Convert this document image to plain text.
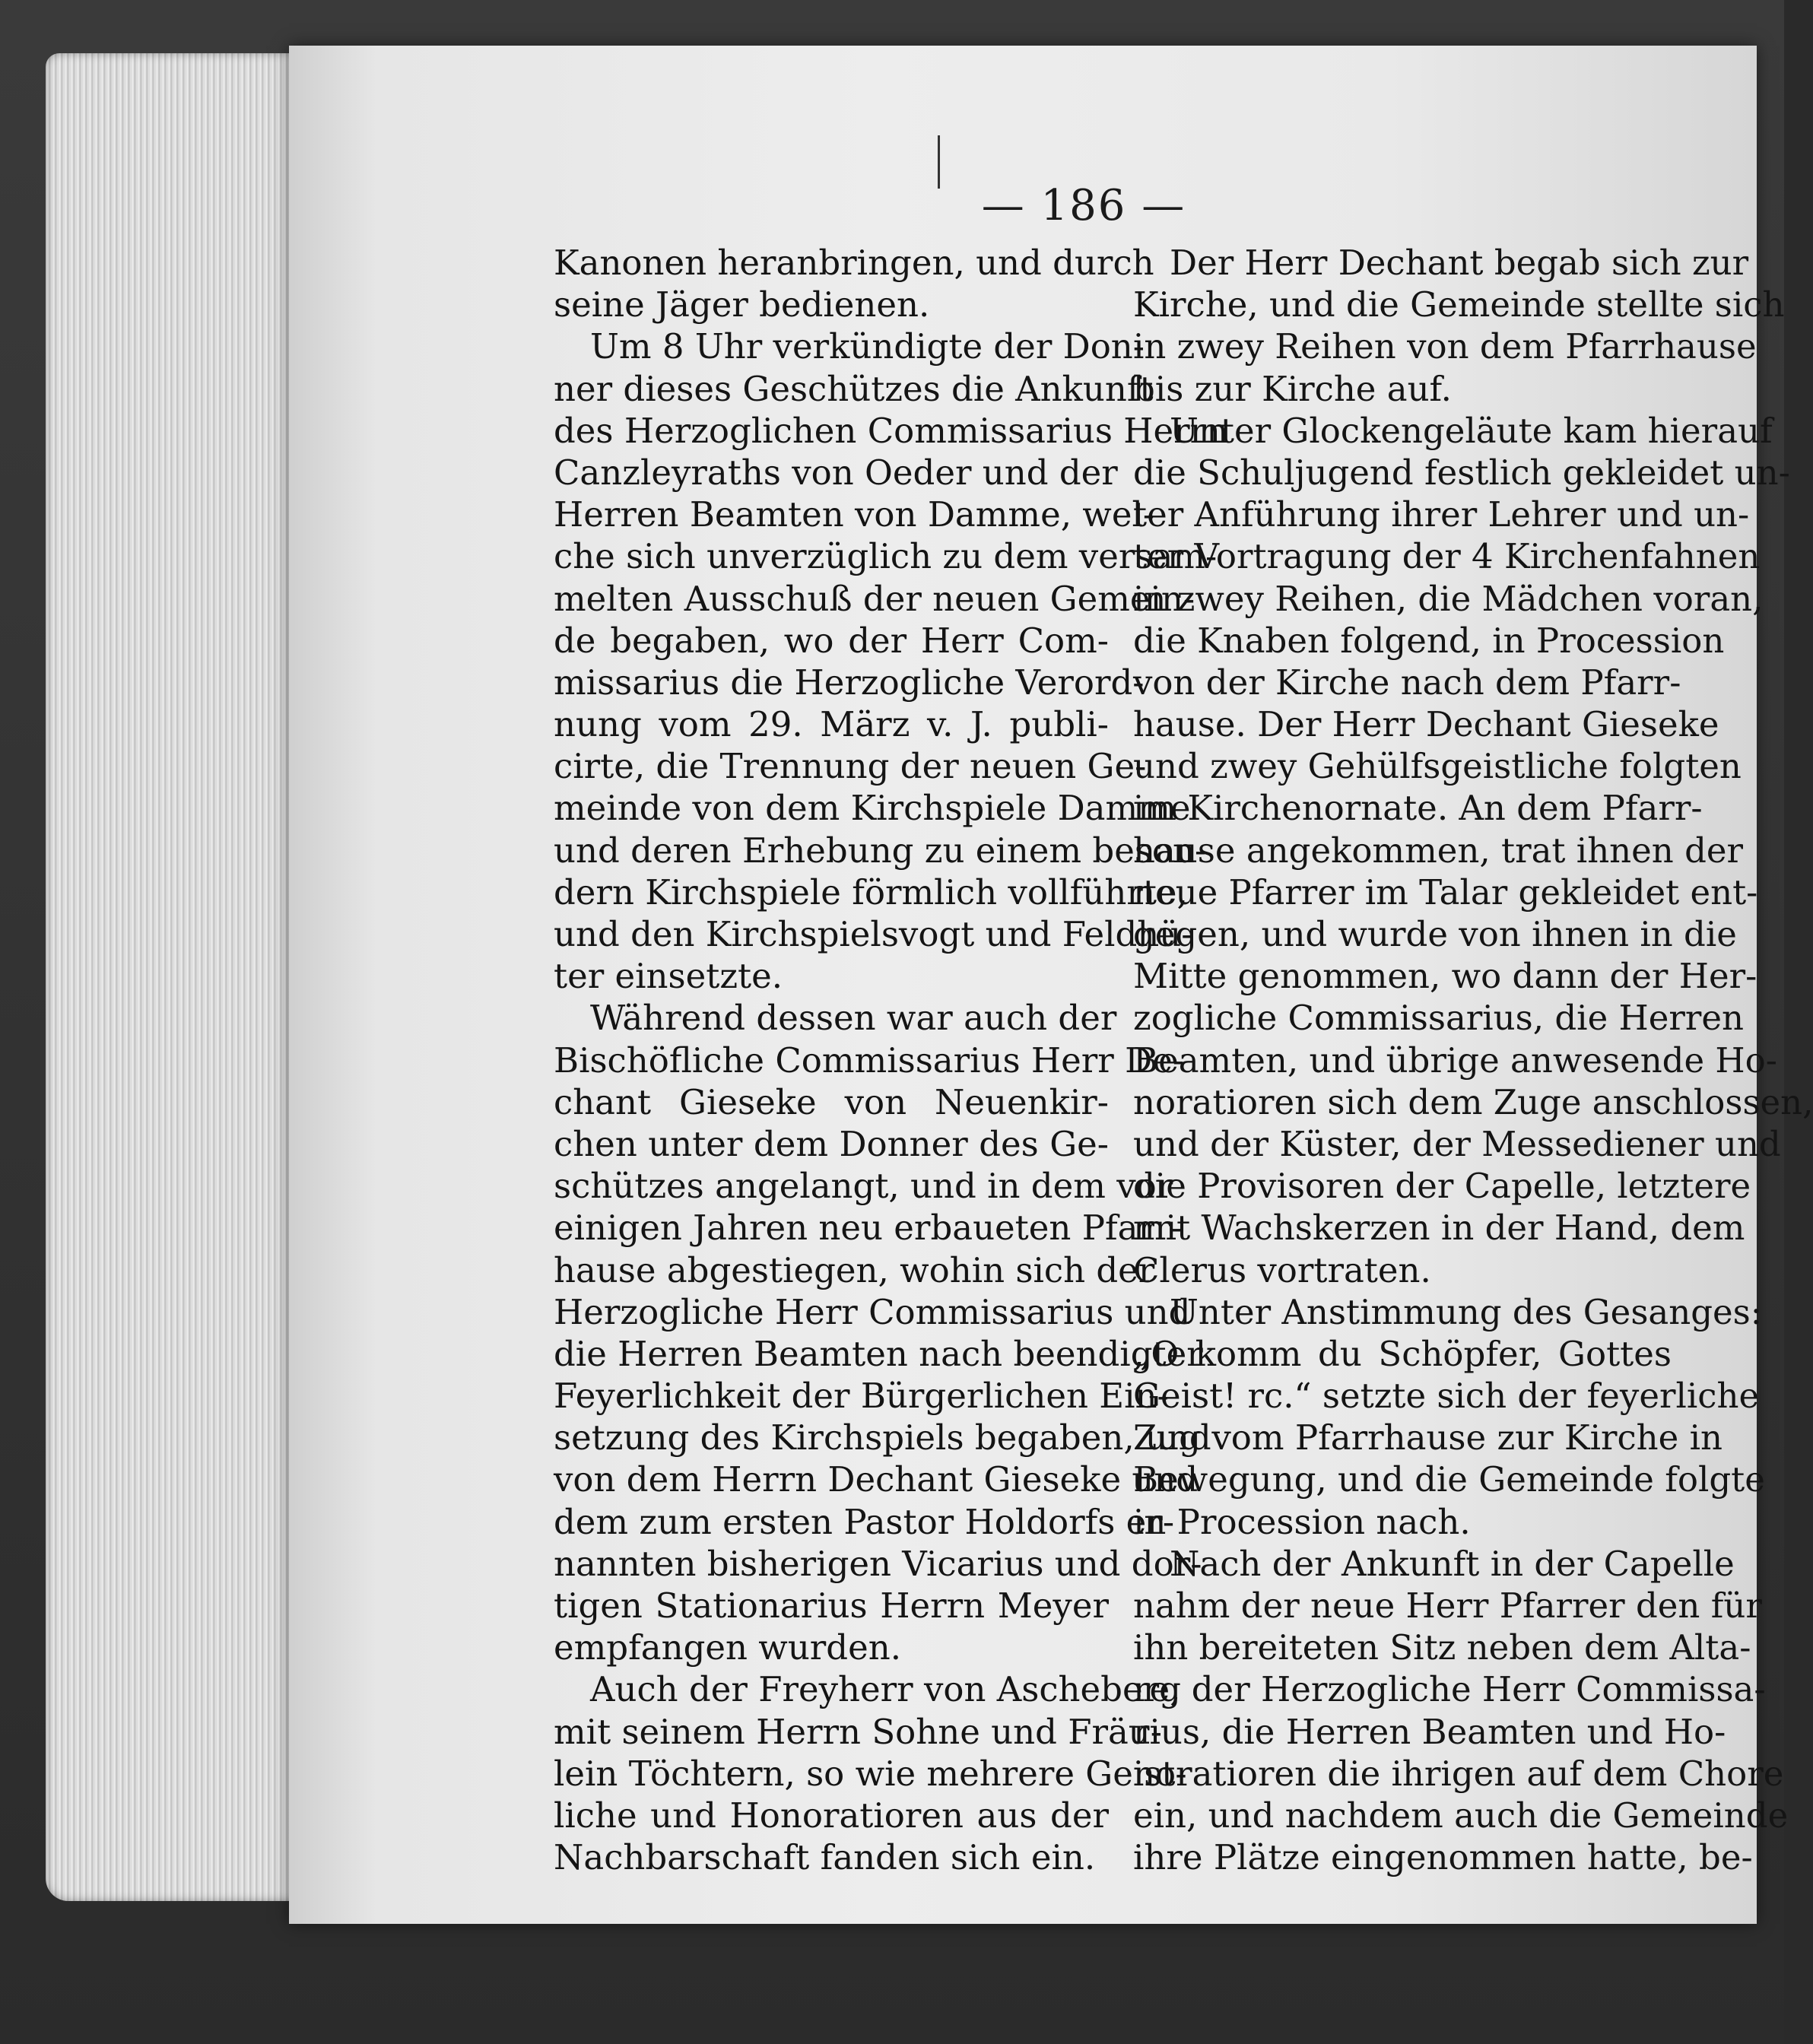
— 186 —
Kanonen heranbringen, und durch
seine Jäger bedienen.
Um 8 Uhr verkündigte der Don-
ner dieses Geschützes die Ankunft
des Herzoglichen Commissarius Herrn
Canzleyraths von Oeder und der
Herren Beamten von Damme, wel-
che sich unverzüglich zu dem versam-
melten Ausschuß der neuen Gemein-
de begaben, wo der Herr Com-
missarius die Herzogliche Verord-
nung vom 29. März v. J. publi-
cirte, die Trennung der neuen Ge-
meinde von dem Kirchspiele Damme
und deren Erhebung zu einem beson-
dern Kirchspiele förmlich vollführte,
und den Kirchspielsvogt und Feldhü-
ter einsetzte.
Während dessen war auch der
Bischöfliche Commissarius Herr De-
chant Gieseke von Neuenkir-
chen unter dem Donner des Ge-
schützes angelangt, und in dem vor
einigen Jahren neu erbaueten Pfarr-
hause abgestiegen, wohin sich der
Herzogliche Herr Commissarius und
die Herren Beamten nach beendigter
Feyerlichkeit der Bürgerlichen Ein-
setzung des Kirchspiels begaben, und
von dem Herrn Dechant Gieseke und
dem zum ersten Pastor Holdorfs er-
nannten bisherigen Vicarius und dor-
tigen Stationarius Herrn Meyer
empfangen wurden.
Auch der Freyherr von Ascheberg
mit seinem Herrn Sohne und Fräu-
lein Töchtern, so wie mehrere Geist-
liche und Honoratioren aus der
Nachbarschaft fanden sich ein.
Der Herr Dechant begab sich zur
Kirche, und die Gemeinde stellte sich
in zwey Reihen von dem Pfarrhause
bis zur Kirche auf.
Unter Glockengeläute kam hierauf
die Schuljugend festlich gekleidet un-
ter Anführung ihrer Lehrer und un-
ter Vortragung der 4 Kirchenfahnen
in zwey Reihen, die Mädchen voran,
die Knaben folgend, in Procession
von der Kirche nach dem Pfarr-
hause. Der Herr Dechant Gieseke
und zwey Gehülfsgeistliche folgten
im Kirchenornate. An dem Pfarr-
hause angekommen, trat ihnen der
neue Pfarrer im Talar gekleidet ent-
gegen, und wurde von ihnen in die
Mitte genommen, wo dann der Her-
zogliche Commissarius, die Herren
Beamten, und übrige anwesende Ho-
noratioren sich dem Zuge anschlossen,
und der Küster, der Messediener und
die Provisoren der Capelle, letztere
mit Wachskerzen in der Hand, dem
Clerus vortraten.
Unter Anstimmung des Gesanges:
„O komm du Schöpfer, Gottes
Geist! rc.“ setzte sich der feyerliche
Zug vom Pfarrhause zur Kirche in
Bewegung, und die Gemeinde folgte
in Procession nach.
Nach der Ankunft in der Capelle
nahm der neue Herr Pfarrer den für
ihn bereiteten Sitz neben dem Alta-
re, der Herzogliche Herr Commissa-
rius, die Herren Beamten und Ho-
noratioren die ihrigen auf dem Chore
ein, und nachdem auch die Gemeinde
ihre Plätze eingenommen hatte, be-
